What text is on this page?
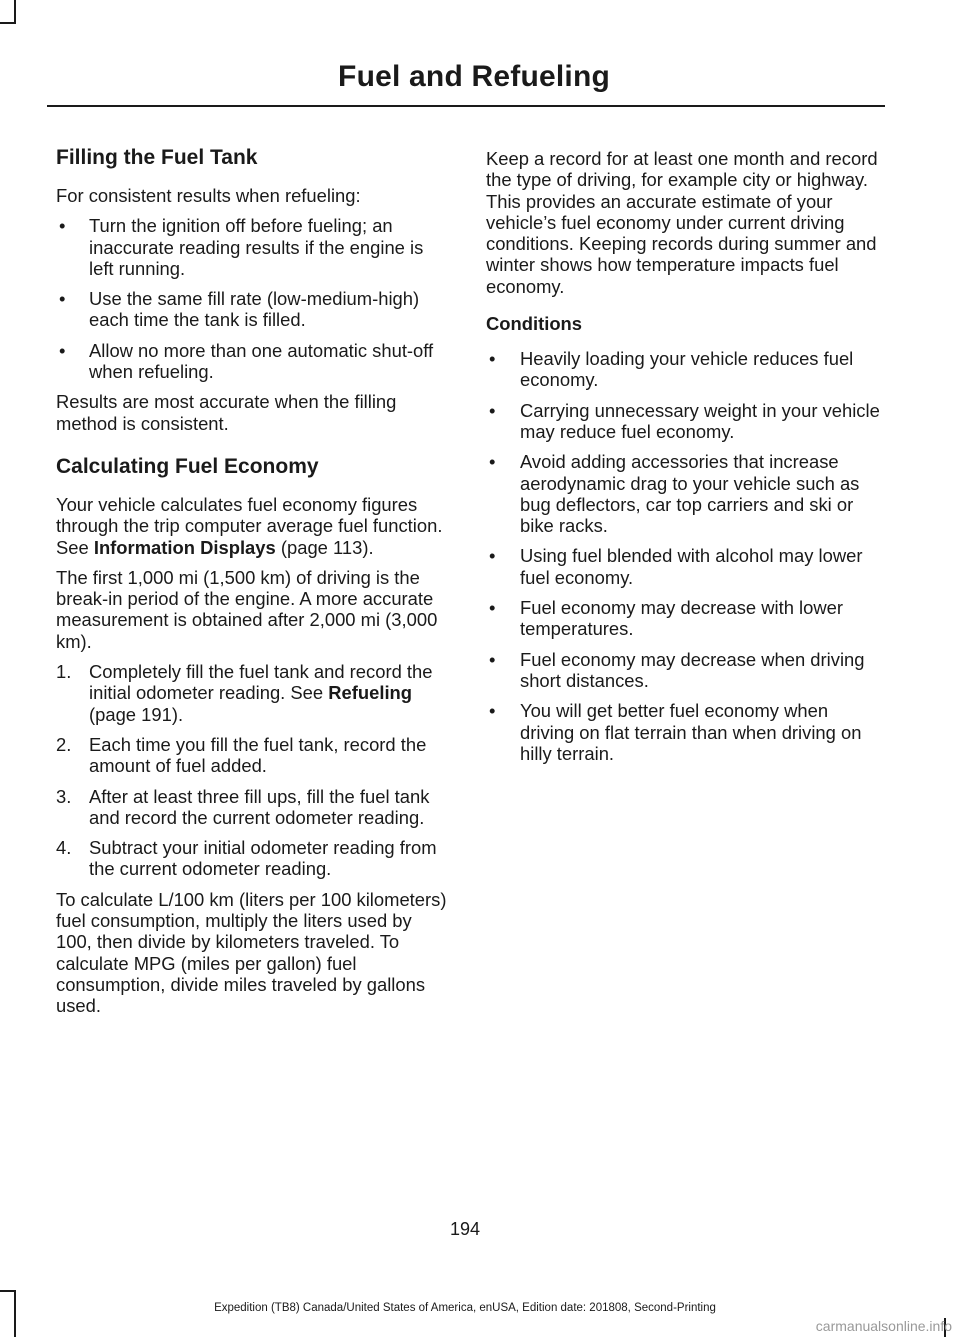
Fuel and Refueling
Filling the Fuel Tank

For consistent results when refueling:

• Turn the ignition off before fueling; an inaccurate reading results if the engine is left running.
• Use the same fill rate (low-medium-high) each time the tank is filled.
• Allow no more than one automatic shut-off when refueling.

Results are most accurate when the filling method is consistent.

Calculating Fuel Economy

Your vehicle calculates fuel economy figures through the trip computer average fuel function. See Information Displays (page 113).

The first 1,000 mi (1,500 km) of driving is the break-in period of the engine. A more accurate measurement is obtained after 2,000 mi (3,000 km).

1. Completely fill the fuel tank and record the initial odometer reading. See Refueling (page 191).
2. Each time you fill the fuel tank, record the amount of fuel added.
3. After at least three fill ups, fill the fuel tank and record the current odometer reading.
4. Subtract your initial odometer reading from the current odometer reading.

To calculate L/100 km (liters per 100 kilometers) fuel consumption, multiply the liters used by 100, then divide by kilometers traveled. To calculate MPG (miles per gallon) fuel consumption, divide miles traveled by gallons used.

Keep a record for at least one month and record the type of driving, for example city or highway. This provides an accurate estimate of your vehicle’s fuel economy under current driving conditions. Keeping records during summer and winter shows how temperature impacts fuel economy.

Conditions
• Heavily loading your vehicle reduces fuel economy.
• Carrying unnecessary weight in your vehicle may reduce fuel economy.
• Avoid adding accessories that increase aerodynamic drag to your vehicle such as bug deflectors, car top carriers and ski or bike racks.
• Using fuel blended with alcohol may lower fuel economy.
• Fuel economy may decrease with lower temperatures.
• Fuel economy may decrease when driving short distances.
• You will get better fuel economy when driving on flat terrain than when driving on hilly terrain.
194
Expedition (TB8) Canada/United States of America, enUSA, Edition date: 201808, Second-Printing
carmanualsonline.info
